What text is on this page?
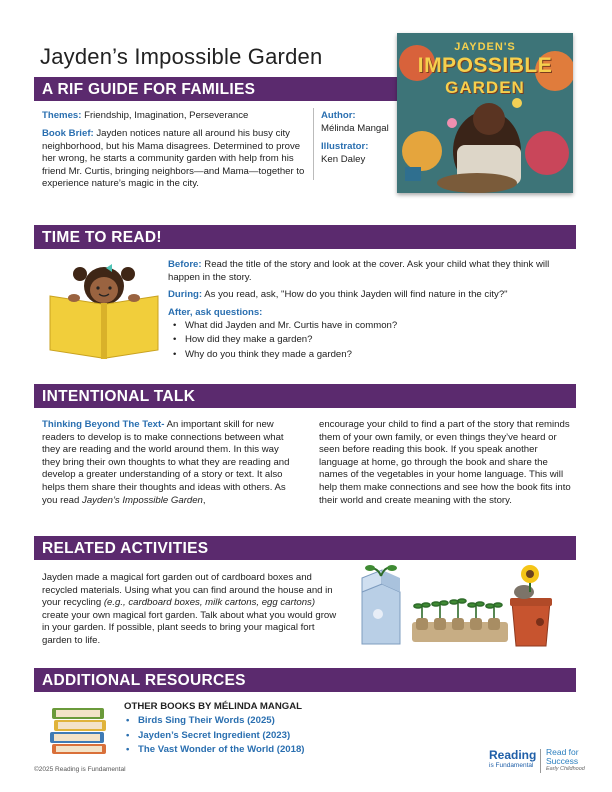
Jayden’s Impossible Garden
A RIF GUIDE FOR FAMILIES
JAYDEN'S
IMPOSSIBLE
GARDEN
Themes: Friendship, Imagination, Perseverance
Book Brief: Jayden notices nature all around his busy city neighborhood, but his Mama disagrees. Determined to prove her wrong, he starts a community garden with help from his friend Mr. Curtis, bringing neighbors—and Mama—together to experience nature’s magic in the city.
Author:
Mélinda Mangal
Illustrator:
Ken Daley
TIME TO READ!
Before: Read the title of the story and look at the cover. Ask your child what they think will happen in the story.
During: As you read, ask, "How do you think Jayden will find nature in the city?"
After, ask questions:
• What did Jayden and Mr. Curtis have in common?
• How did they make a garden?
• Why do you think they made a garden?
INTENTIONAL TALK
Thinking Beyond The Text- An important skill for new readers to develop is to make connections between what they are reading and the world around them. In this way they bring their own thoughts to what they are reading and develop a greater understanding of a story or text. It also helps them share their thoughts and ideas with others. As you read Jayden’s Impossible Garden,
encourage your child to find a part of the story that reminds them of your own family, or even things they’ve heard or seen before reading this book. If you speak another language at home, go through the book and share the names of the vegetables in your home language. This will help them make connections and see how the book fits into their world and create meaning with the story.
RELATED ACTIVITIES
Jayden made a magical fort garden out of cardboard boxes and recycled materials. Using what you can find around the house and in your recycling (e.g., cardboard boxes, milk cartons, egg cartons) create your own magical fort garden. Talk about what you would grow in your garden. If possible, plant seeds to bring your magical fort garden to life.
ADDITIONAL RESOURCES
OTHER BOOKS BY MÉLINDA MANGAL
• Birds Sing Their Words (2025)
• Jayden’s Secret Ingredient (2023)
• The Vast Wonder of the World (2018)
©2025 Reading is Fundamental
Reading
is Fundamental
Read for
Success
Early Childhood
